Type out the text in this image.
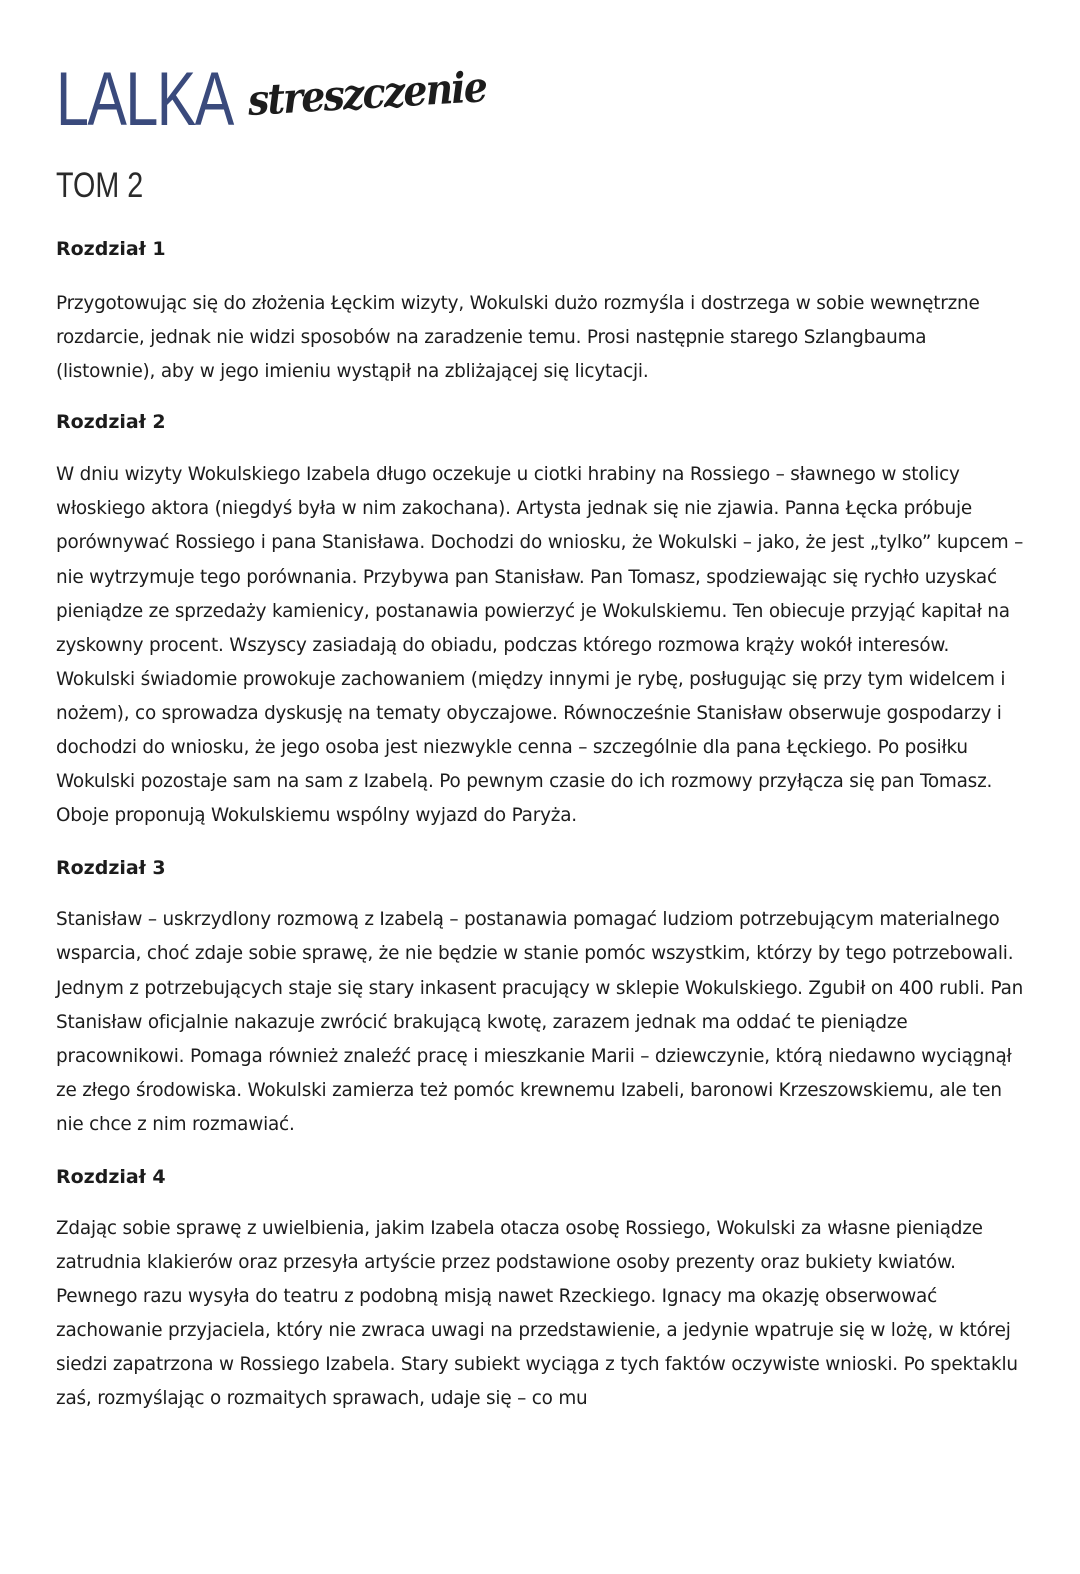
LALKA streszczenie
TOM 2
Rozdział 1

Przygotowując się do złożenia Łęckim wizyty, Wokulski dużo rozmyśla i dostrzega w sobie wewnętrzne rozdarcie, jednak nie widzi sposobów na zaradzenie temu. Prosi następnie starego Szlangbauma (listownie), aby w jego imieniu wystąpił na zbliżającej się licytacji.

Rozdział 2

W dniu wizyty Wokulskiego Izabela długo oczekuje u ciotki hrabiny na Rossiego – sławnego w stolicy włoskiego aktora (niegdyś była w nim zakochana). Artysta jednak się nie zjawia. Panna Łęcka próbuje porównywać Rossiego i pana Stanisława. Dochodzi do wniosku, że Wokulski – jako, że jest „tylko” kupcem – nie wytrzymuje tego porównania. Przybywa pan Stanisław. Pan Tomasz, spodziewając się rychło uzyskać pieniądze ze sprzedaży kamienicy, postanawia powierzyć je Wokulskiemu. Ten obiecuje przyjąć kapitał na zyskowny procent. Wszyscy zasiadają do obiadu, podczas którego rozmowa krąży wokół interesów. Wokulski świadomie prowokuje zachowaniem (między innymi je rybę, posługując się przy tym widelcem i nożem), co sprowadza dyskusję na tematy obyczajowe. Równocześnie Stanisław obserwuje gospodarzy i dochodzi do wniosku, że jego osoba jest niezwykle cenna – szczególnie dla pana Łęckiego. Po posiłku Wokulski pozostaje sam na sam z Izabelą. Po pewnym czasie do ich rozmowy przyłącza się pan Tomasz. Oboje proponują Wokulskiemu wspólny wyjazd do Paryża.

Rozdział 3

Stanisław – uskrzydlony rozmową z Izabelą – postanawia pomagać ludziom potrzebującym materialnego wsparcia, choć zdaje sobie sprawę, że nie będzie w stanie pomóc wszystkim, którzy by tego potrzebowali. Jednym z potrzebujących staje się stary inkasent pracujący w sklepie Wokulskiego. Zgubił on 400 rubli. Pan Stanisław oficjalnie nakazuje zwrócić brakującą kwotę, zarazem jednak ma oddać te pieniądze pracownikowi. Pomaga również znaleźć pracę i mieszkanie Marii – dziewczynie, którą niedawno wyciągnął ze złego środowiska. Wokulski zamierza też pomóc krewnemu Izabeli, baronowi Krzeszowskiemu, ale ten nie chce z nim rozmawiać.

Rozdział 4

Zdając sobie sprawę z uwielbienia, jakim Izabela otacza osobę Rossiego, Wokulski za własne pieniądze zatrudnia klakierów oraz przesyła artyście przez podstawione osoby prezenty oraz bukiety kwiatów. Pewnego razu wysyła do teatru z podobną misją nawet Rzeckiego. Ignacy ma okazję obserwować zachowanie przyjaciela, który nie zwraca uwagi na przedstawienie, a jedynie wpatruje się w lożę, w której siedzi zapatrzona w Rossiego Izabela. Stary subiekt wyciąga z tych faktów oczywiste wnioski. Po spektaklu zaś, rozmyślając o rozmaitych sprawach, udaje się – co mu
